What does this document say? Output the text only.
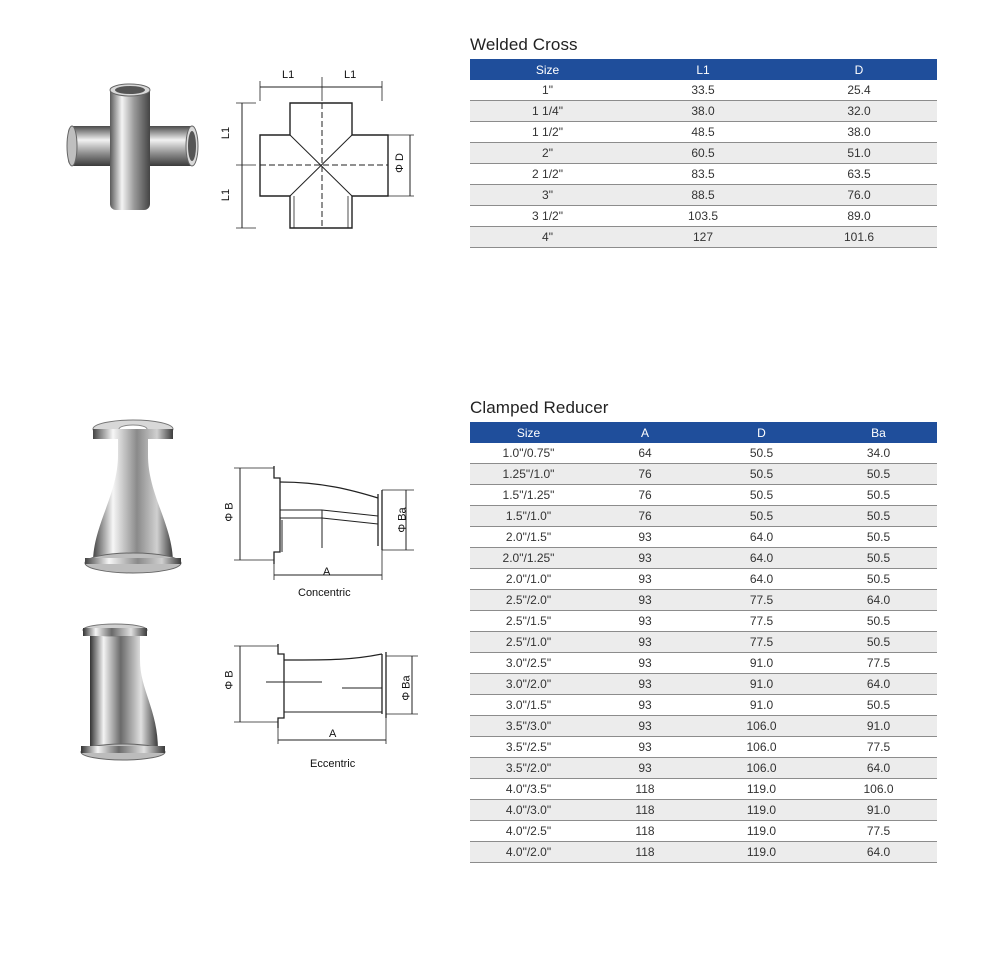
L1	L1
L1
L1
Φ D
Welded Cross
Size	L1	D
1"	33.5	25.4
1 1/4"	38.0	32.0
1 1/2"	48.5	38.0
2"	60.5	51.0
2 1/2"	83.5	63.5
3"	88.5	76.0
3 1/2"	103.5	89.0
4"	127	101.6
Φ B	Φ Ba
A
Concentric
Φ B	Φ Ba
A
Eccentric
Clamped Reducer
Size	A	D	Ba
1.0"/0.75"	64	50.5	34.0
1.25"/1.0"	76	50.5	50.5
1.5"/1.25"	76	50.5	50.5
1.5"/1.0"	76	50.5	50.5
2.0"/1.5"	93	64.0	50.5
2.0"/1.25"	93	64.0	50.5
2.0"/1.0"	93	64.0	50.5
2.5"/2.0"	93	77.5	64.0
2.5"/1.5"	93	77.5	50.5
2.5"/1.0"	93	77.5	50.5
3.0"/2.5"	93	91.0	77.5
3.0"/2.0"	93	91.0	64.0
3.0"/1.5"	93	91.0	50.5
3.5"/3.0"	93	106.0	91.0
3.5"/2.5"	93	106.0	77.5
3.5"/2.0"	93	106.0	64.0
4.0"/3.5"	118	119.0	106.0
4.0"/3.0"	118	119.0	91.0
4.0"/2.5"	118	119.0	77.5
4.0"/2.0"	118	119.0	64.0
